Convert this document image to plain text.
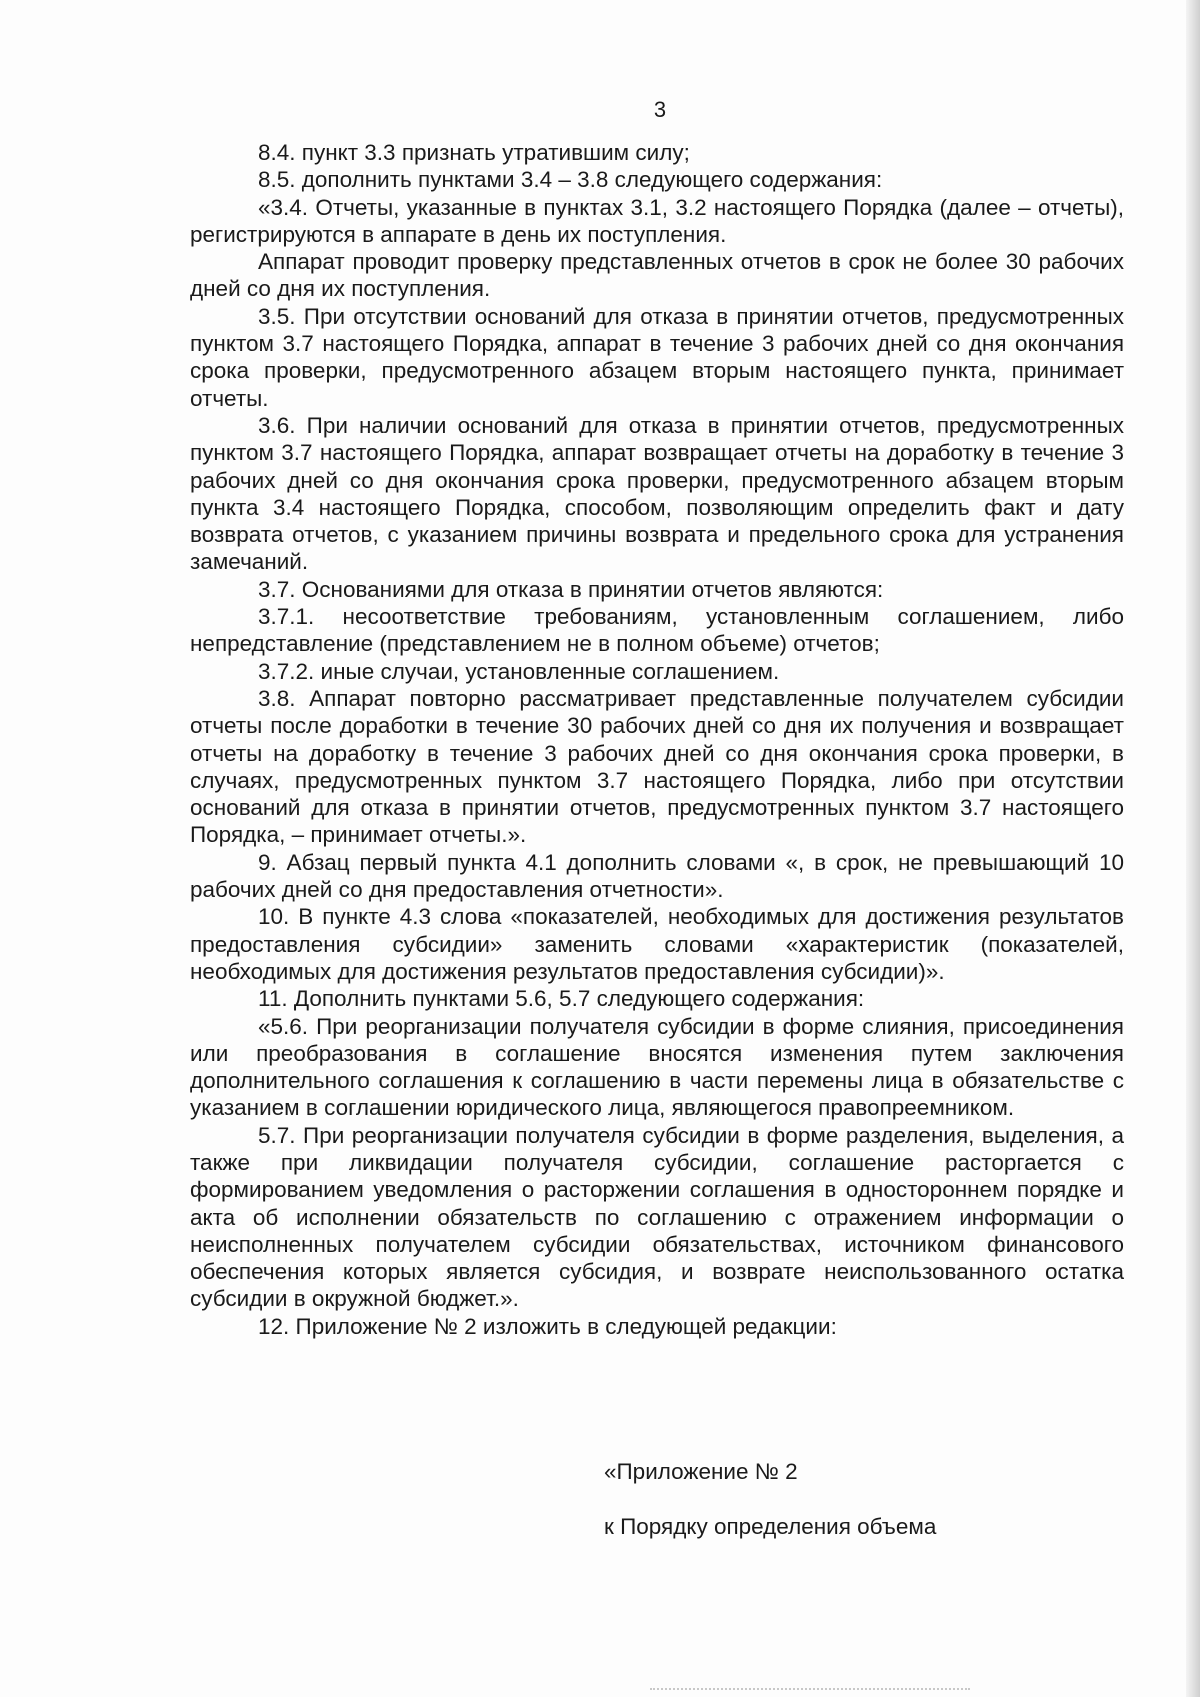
3

8.4. пункт 3.3 признать утратившим силу;

8.5. дополнить пунктами 3.4 – 3.8 следующего содержания:

«3.4. Отчеты, указанные в пунктах 3.1, 3.2 настоящего Порядка (далее – отчеты), регистрируются в аппарате в день их поступления.

Аппарат проводит проверку представленных отчетов в срок не более 30 рабочих дней со дня их поступления.

3.5. При отсутствии оснований для отказа в принятии отчетов, предусмотренных пунктом 3.7 настоящего Порядка, аппарат в течение 3 рабочих дней со дня окончания срока проверки, предусмотренного абзацем вторым настоящего пункта, принимает отчеты.

3.6. При наличии оснований для отказа в принятии отчетов, предусмотренных пунктом 3.7 настоящего Порядка, аппарат возвращает отчеты на доработку в течение 3 рабочих дней со дня окончания срока проверки, предусмотренного абзацем вторым пункта 3.4 настоящего Порядка, способом, позволяющим определить факт и дату возврата отчетов, с указанием причины возврата и предельного срока для устранения замечаний.

3.7. Основаниями для отказа в принятии отчетов являются:

3.7.1. несоответствие требованиям, установленным соглашением, либо непредставление (представлением не в полном объеме) отчетов;

3.7.2. иные случаи, установленные соглашением.

3.8. Аппарат повторно рассматривает представленные получателем субсидии отчеты после доработки в течение 30 рабочих дней со дня их получения и возвращает отчеты на доработку в течение 3 рабочих дней со дня окончания срока проверки, в случаях, предусмотренных пунктом 3.7 настоящего Порядка, либо при отсутствии оснований для отказа в принятии отчетов, предусмотренных пунктом 3.7 настоящего Порядка, – принимает отчеты.».

9. Абзац первый пункта 4.1 дополнить словами «, в срок, не превышающий 10 рабочих дней со дня предоставления отчетности».

10. В пункте 4.3 слова «показателей, необходимых для достижения результатов предоставления субсидии» заменить словами «характеристик (показателей, необходимых для достижения результатов предоставления субсидии)».

11. Дополнить пунктами 5.6, 5.7 следующего содержания:

«5.6. При реорганизации получателя субсидии в форме слияния, присоединения или преобразования в соглашение вносятся изменения путем заключения дополнительного соглашения к соглашению в части перемены лица в обязательстве с указанием в соглашении юридического лица, являющегося правопреемником.

5.7. При реорганизации получателя субсидии в форме разделения, выделения, а также при ликвидации получателя субсидии, соглашение расторгается с формированием уведомления о расторжении соглашения в одностороннем порядке и акта об исполнении обязательств по соглашению с отражением информации о неисполненных получателем субсидии обязательствах, источником финансового обеспечения которых является субсидия, и возврате неиспользованного остатка субсидии в окружной бюджет.».

12. Приложение № 2 изложить в следующей редакции:

«Приложение № 2
к Порядку определения объема
